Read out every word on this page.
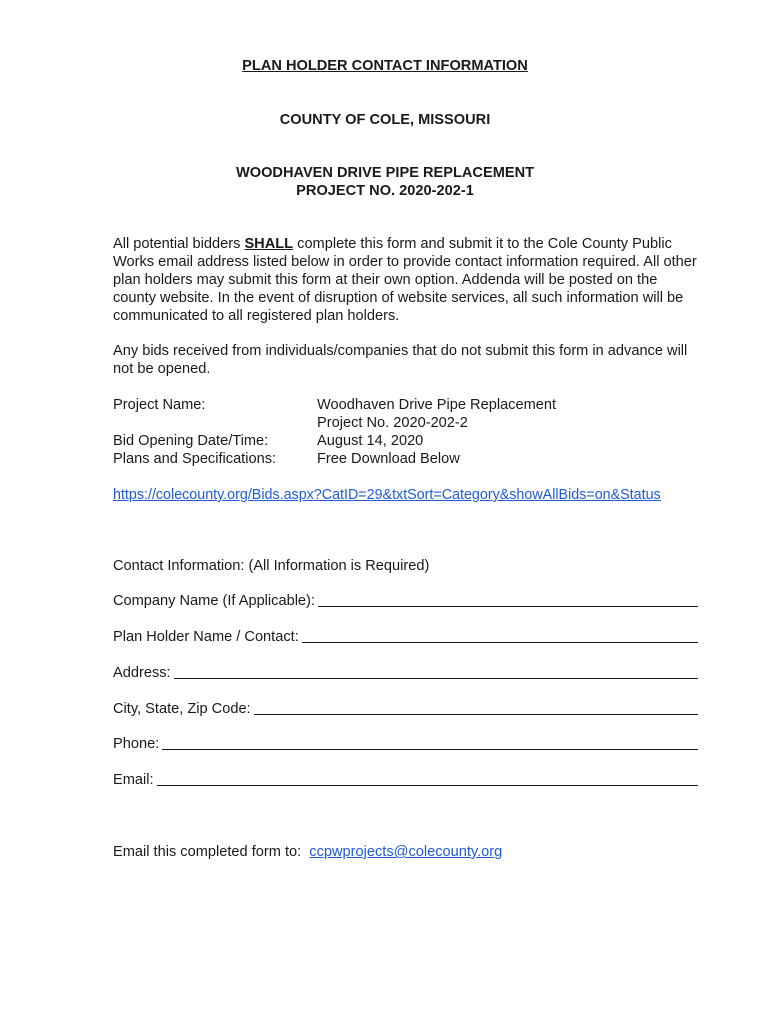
PLAN HOLDER CONTACT INFORMATION
COUNTY OF COLE, MISSOURI
WOODHAVEN DRIVE PIPE REPLACEMENT
PROJECT NO. 2020-202-1
All potential bidders SHALL complete this form and submit it to the Cole County Public Works email address listed below in order to provide contact information required. All other plan holders may submit this form at their own option. Addenda will be posted on the county website. In the event of disruption of website services, all such information will be communicated to all registered plan holders.
Any bids received from individuals/companies that do not submit this form in advance will not be opened.
Project Name:	Woodhaven Drive Pipe Replacement
Project No. 2020-202-2
Bid Opening Date/Time:	August 14, 2020
Plans and Specifications:	Free Download Below
https://colecounty.org/Bids.aspx?CatID=29&txtSort=Category&showAllBids=on&Status
Contact Information: (All Information is Required)
Company Name (If Applicable):
Plan Holder Name / Contact:
Address:
City, State, Zip Code:
Phone:
Email:
Email this completed form to: ccpwprojects@colecounty.org
